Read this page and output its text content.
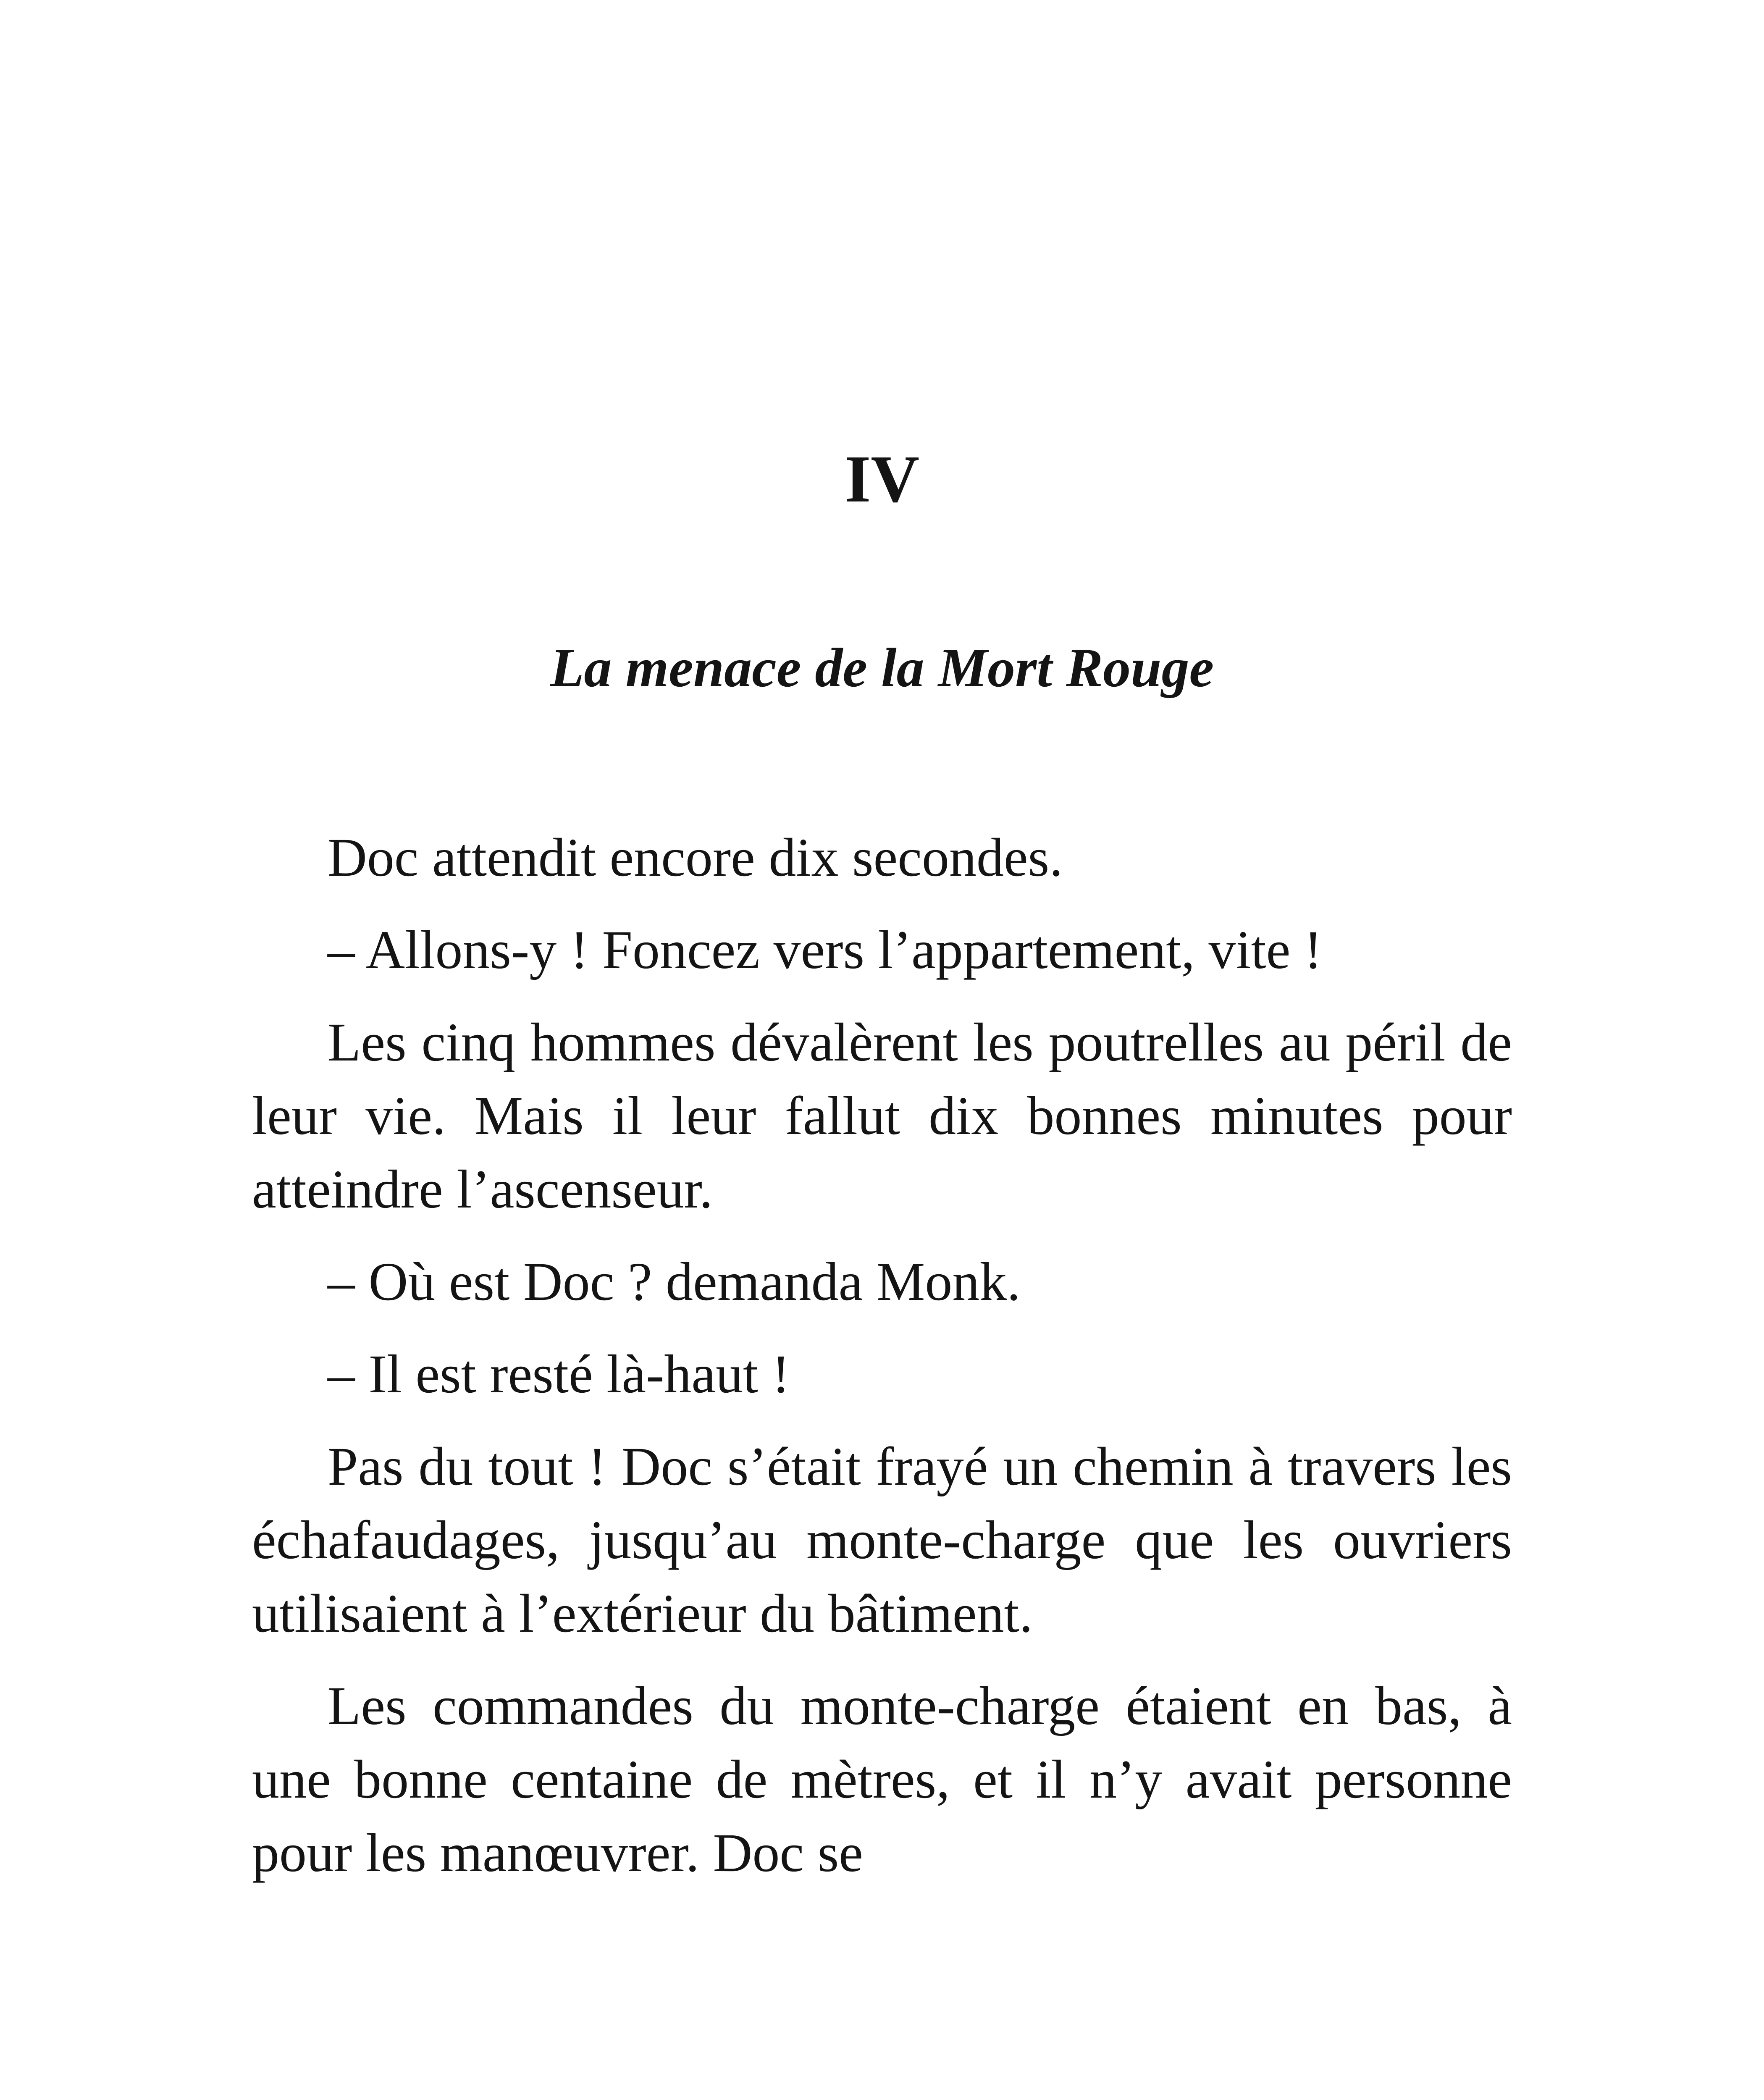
IV
La menace de la Mort Rouge

Doc attendit encore dix secondes.

– Allons-y ! Foncez vers l’appartement, vite !

Les cinq hommes dévalèrent les poutrelles au péril de leur vie. Mais il leur fallut dix bonnes minutes pour atteindre l’ascenseur.

– Où est Doc ? demanda Monk.

– Il est resté là-haut !

Pas du tout ! Doc s’était frayé un chemin à travers les échafaudages, jusqu’au monte-charge que les ouvriers utilisaient à l’extérieur du bâtiment.

Les commandes du monte-charge étaient en bas, à une bonne centaine de mètres, et il n’y avait personne pour les manœuvrer. Doc se
